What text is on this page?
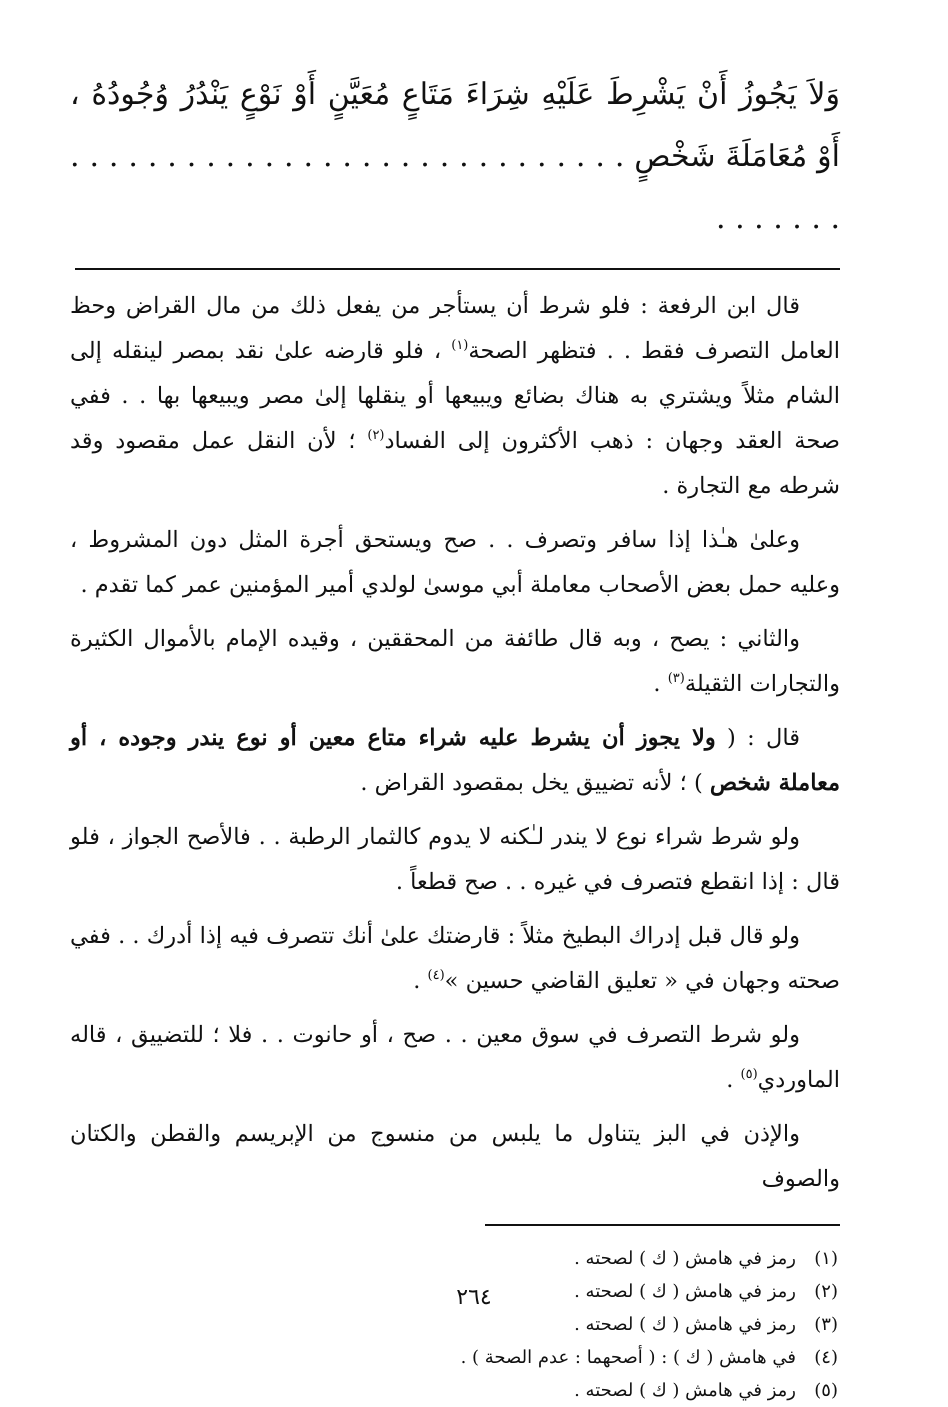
وَلاَ يَجُوزُ أَنْ يَشْرِطَ عَلَيْهِ شِرَاءَ مَتَاعٍ مُعَيَّنٍ أَوْ نَوْعٍ يَنْدُرُ وُجُودُهُ ، أَوْ مُعَامَلَةَ شَخْصٍ . . . . . . . . . . . . . . . . . . . . . . . . . . . . . . . . . . . .

قال ابن الرفعة : فلو شرط أن يستأجر من يفعل ذلك من مال القراض وحظ العامل التصرف فقط . . فتظهر الصحة$^{(١)}$ ، فلو قارضه علىٰ نقد بمصر لينقله إلى الشام مثلاً ويشتري به هناك بضائع ويبيعها أو ينقلها إلىٰ مصر ويبيعها بها . . ففي صحة العقد وجهان : ذهب الأكثرون إلى الفساد$^{(٢)}$ ؛ لأن النقل عمل مقصود وقد شرطه مع التجارة .

وعلىٰ هـٰذا إذا سافر وتصرف . . صح ويستحق أجرة المثل دون المشروط ، وعليه حمل بعض الأصحاب معاملة أبي موسىٰ لولدي أمير المؤمنين عمر كما تقدم .

والثاني : يصح ، وبه قال طائفة من المحققين ، وقيده الإمام بالأموال الكثيرة والتجارات الثقيلة$^{(٣)}$ .

قال : ( ولا يجوز أن يشرط عليه شراء متاع معين أو نوع يندر وجوده ، أو معاملة شخص ) ؛ لأنه تضييق يخل بمقصود القراض .

ولو شرط شراء نوع لا يندر لـٰكنه لا يدوم كالثمار الرطبة . . فالأصح الجواز ، فلو قال : إذا انقطع فتصرف في غيره . . صح قطعاً .

ولو قال قبل إدراك البطيخ مثلاً : قارضتك علىٰ أنك تتصرف فيه إذا أدرك . . ففي صحته وجهان في « تعليق القاضي حسين »$^{(٤)}$ .

ولو شرط التصرف في سوق معين . . صح ، أو حانوت . . فلا ؛ للتضييق ، قاله الماوردي$^{(٥)}$ .

والإذن في البز يتناول ما يلبس من منسوج من الإبريسم والقطن والكتان والصوف

(١)
رمز في هامش ( ك ) لصحته .
(٢)
رمز في هامش ( ك ) لصحته .
(٣)
رمز في هامش ( ك ) لصحته .
(٤)
في هامش ( ك ) : ( أصحهما : عدم الصحة ) .
(٥)
رمز في هامش ( ك ) لصحته .
٢٦٤
